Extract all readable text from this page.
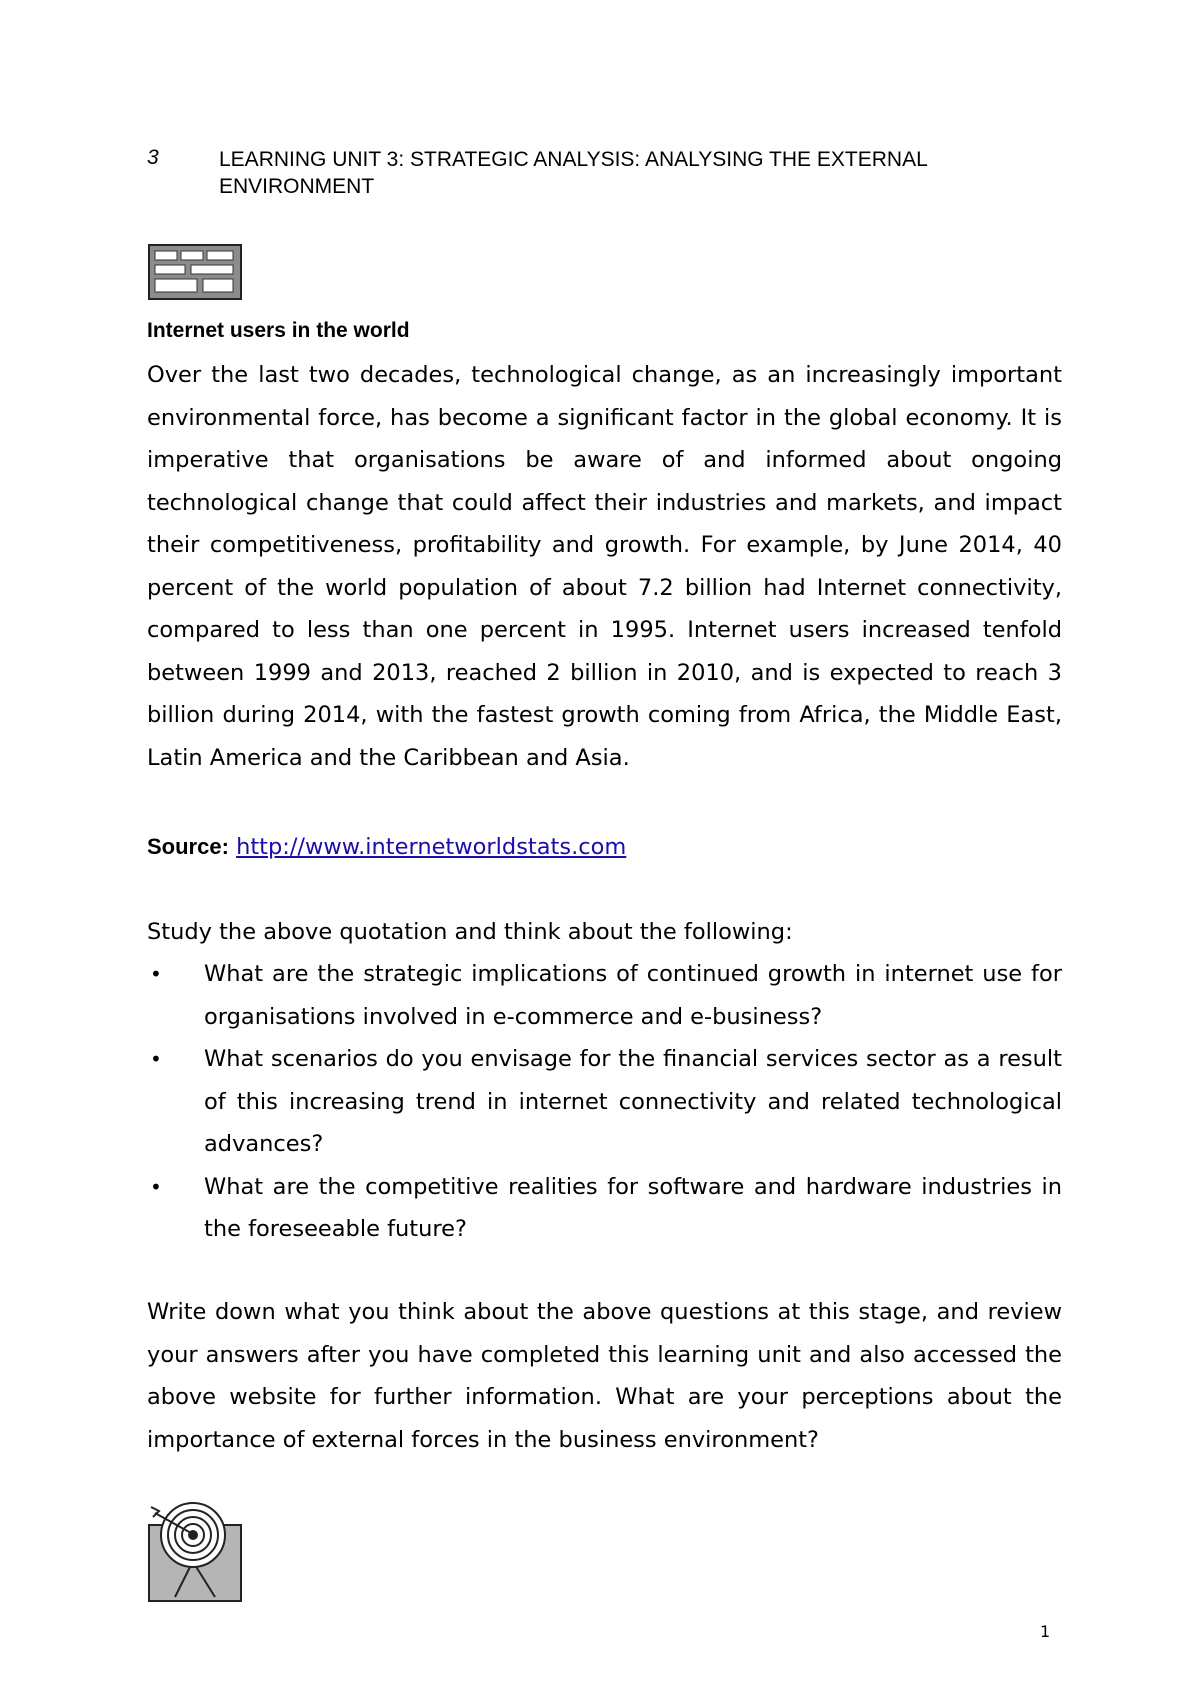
3	LEARNING UNIT 3: STRATEGIC ANALYSIS: ANALYSING THE EXTERNAL ENVIRONMENT
Internet users in the world

Over the last two decades, technological change, as an increasingly important environmental force, has become a significant factor in the global economy. It is imperative that organisations be aware of and informed about ongoing technological change that could affect their industries and markets, and impact their competitiveness, profitability and growth. For example, by June 2014, 40 percent of the world population of about 7.2 billion had Internet connectivity, compared to less than one percent in 1995. Internet users increased tenfold between 1999 and 2013, reached 2 billion in 2010, and is expected to reach 3 billion during 2014, with the fastest growth coming from Africa, the Middle East, Latin America and the Caribbean and Asia.

Source: http://www.internetworldstats.com

Study the above quotation and think about the following:

• What are the strategic implications of continued growth in internet use for organisations involved in e-commerce and e-business?
• What scenarios do you envisage for the financial services sector as a result of this increasing trend in internet connectivity and related technological advances?
• What are the competitive realities for software and hardware industries in the foreseeable future?

Write down what you think about the above questions at this stage, and review your answers after you have completed this learning unit and also accessed the above website for further information. What are your perceptions about the importance of external forces in the business environment?

1
